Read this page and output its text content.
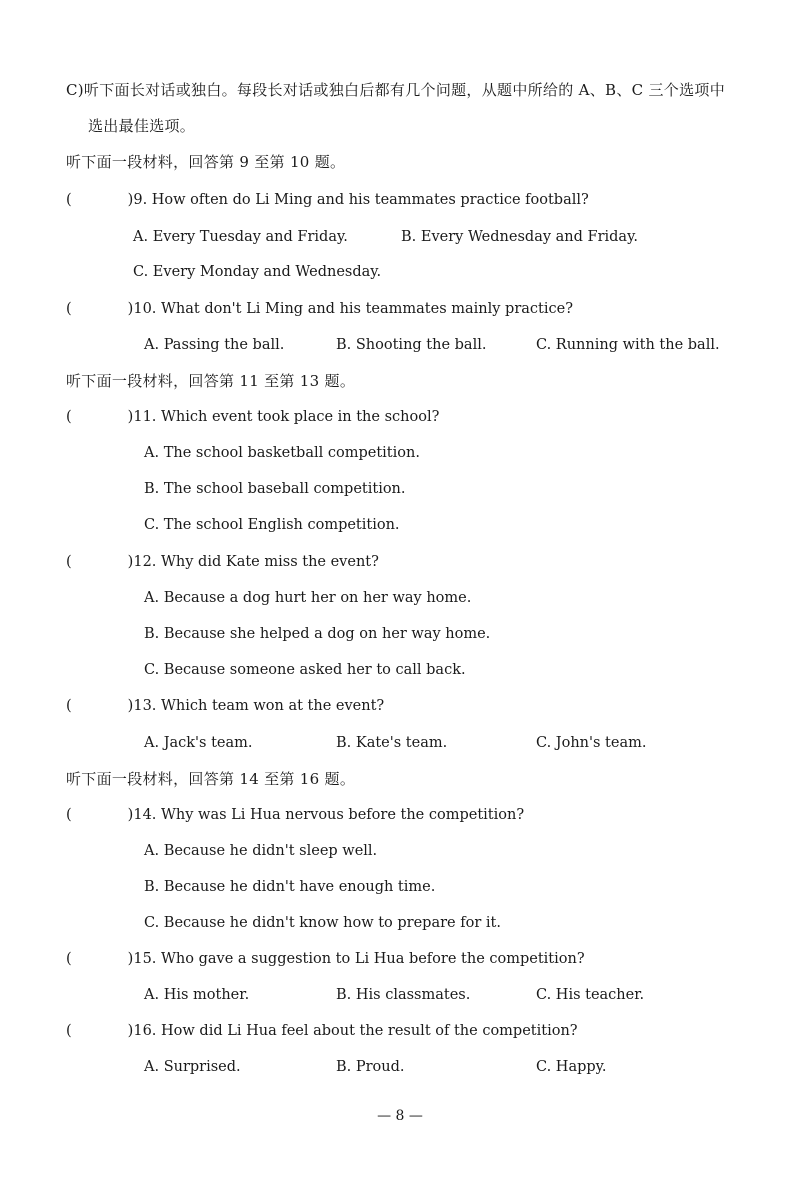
C)听下面长对话或独白。每段长对话或独白后都有几个问题，从题中所给的 A、B、C 三个选项中
选出最佳选项。
听下面一段材料，回答第 9 至第 10 题。
(	)9. How often do Li Ming and his teammates practice football?
A. Every Tuesday and Friday.	B. Every Wednesday and Friday.
C. Every Monday and Wednesday.
(	)10. What don't Li Ming and his teammates mainly practice?
A. Passing the ball.	B. Shooting the ball.	C. Running with the ball.
听下面一段材料，回答第 11 至第 13 题。
(	)11. Which event took place in the school?
A. The school basketball competition.
B. The school baseball competition.
C. The school English competition.
(	)12. Why did Kate miss the event?
A. Because a dog hurt her on her way home.
B. Because she helped a dog on her way home.
C. Because someone asked her to call back.
(	)13. Which team won at the event?
A. Jack's team.	B. Kate's team.	C. John's team.
听下面一段材料，回答第 14 至第 16 题。
(	)14. Why was Li Hua nervous before the competition?
A. Because he didn't sleep well.
B. Because he didn't have enough time.
C. Because he didn't know how to prepare for it.
(	)15. Who gave a suggestion to Li Hua before the competition?
A. His mother.	B. His classmates.	C. His teacher.
(	)16. How did Li Hua feel about the result of the competition?
A. Surprised.	B. Proud.	C. Happy.
— 8 —
